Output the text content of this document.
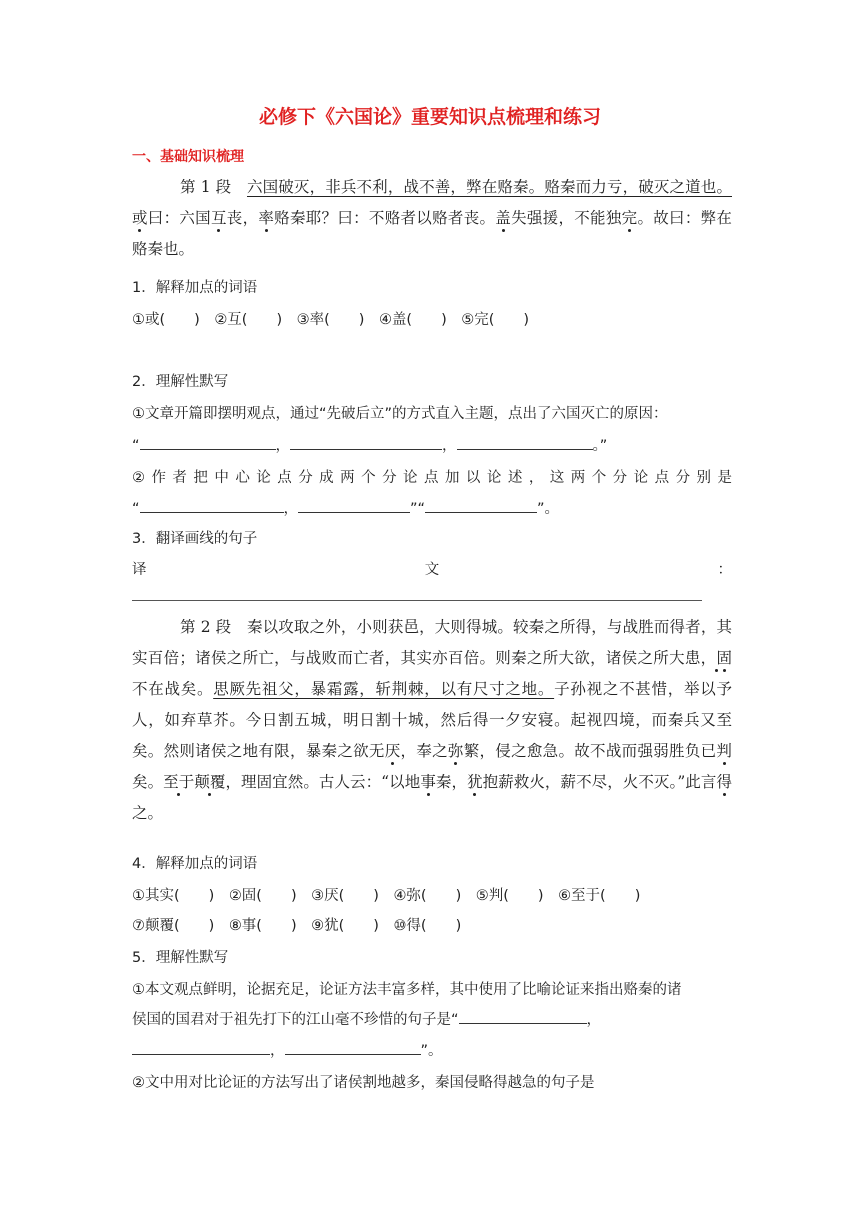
必修下《六国论》重要知识点梳理和练习
一、基础知识梳理

第 1 段　 六国破灭，非兵不利，战不善，弊在赂秦。赂秦而力亏，破灭之道也。或曰：六国互丧，率赂秦耶？曰：不赂者以赂者丧。盖失强援，不能独完。故曰：弊在赂秦也。

1．解释加点的词语
①或(　　)　②互(　　)　③率(　　)　④盖(　　)　⑤完(　　)
2．理解性默写
①文章开篇即摆明观点，通过“先破后立”的方式直入主题，点出了六国灭亡的原因：
“	，	，	。”
②作者把中心论点分成两个分论点加以论述，这两个分论点分别是
“	，	”“	”。
3．翻译画线的句子
译	文	：

第 2 段　 秦以攻取之外，小则获邑，大则得城。较秦之所得，与战胜而得者，其实百倍；诸侯之所亡，与战败而亡者，其实亦百倍。则秦之所大欲，诸侯之所大患，固不在战矣。思厥先祖父，暴霜露，斩荆棘，以有尺寸之地。子孙视之不甚惜，举以予人，如弃草芥。今日割五城，明日割十城，然后得一夕安寝。起视四境，而秦兵又至矣。然则诸侯之地有限，暴秦之欲无厌，奉之弥繁，侵之愈急。故不战而强弱胜负已判矣。至于颠覆，理固宜然。古人云：“以地事秦，犹抱薪救火，薪不尽，火不灭。”此言得之。

4．解释加点的词语
①其实(　　)　②固(　　)　③厌(　　)　④弥(　　)　⑤判(　　)　⑥至于(　　)
⑦颠覆(　　)　⑧事(　　)　⑨犹(　　)　⑩得(　　)
5．理解性默写
①本文观点鲜明，论据充足，论证方法丰富多样，其中使用了比喻论证来指出赂秦的诸
侯国的国君对于祖先打下的江山毫不珍惜的句子是“	，
，	”。
②文中用对比论证的方法写出了诸侯割地越多，秦国侵略得越急的句子是
